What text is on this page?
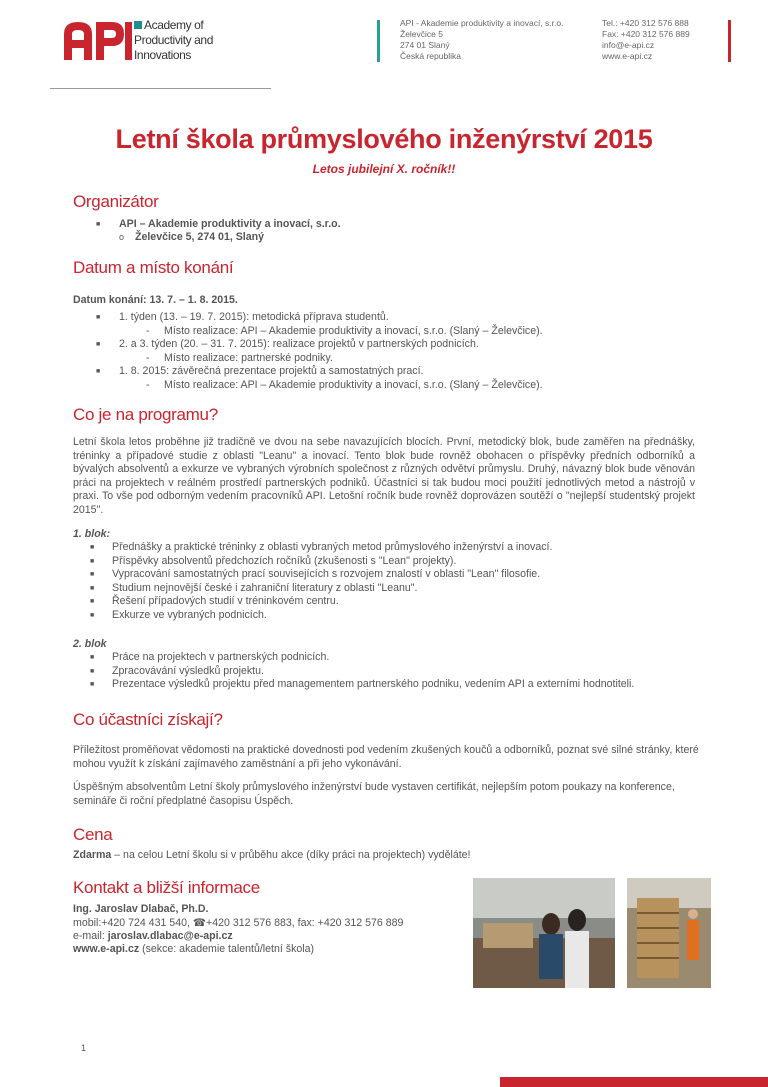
Academy of
Productivity and
Innovations
API - Akademie produktivity a inovací, s.r.o.
Želevčice 5
274 01 Slaný
Česká republika
Tel.: +420 312 576 888
Fax: +420 312 576 889
info@e-api.cz
www.e-api.cz
Letní škola průmyslového inženýrství 2015
Letos jubilejní X. ročník!!
Organizátor
■ API – Akademie produktivity a inovací, s.r.o.
o Želevčice 5, 274 01, Slaný
Datum a místo konání
Datum konání: 13. 7. – 1. 8. 2015.
■ 1. týden (13. – 19. 7. 2015): metodická příprava studentů.
- Místo realizace: API – Akademie produktivity a inovací, s.r.o. (Slaný – Želevčice).
■ 2. a 3. týden (20. – 31. 7. 2015): realizace projektů v partnerských podnicích.
- Místo realizace: partnerské podniky.
■ 1. 8. 2015: závěrečná prezentace projektů a samostatných prací.
- Místo realizace: API – Akademie produktivity a inovací, s.r.o. (Slaný – Želevčice).
Co je na programu?

Letní škola letos proběhne již tradičně ve dvou na sebe navazujících blocích. První, metodický blok, bude zaměřen na přednášky, tréninky a případové studie z oblasti "Leanu" a inovací. Tento blok bude rovněž obohacen o příspěvky předních odborníků a bývalých absolventů a exkurze ve vybraných výrobních společnost z různých odvětví průmyslu. Druhý, návazný blok bude věnován práci na projektech v reálném prostředí partnerských podniků. Účastníci si tak budou moci použití jednotlivých metod a nástrojů v praxi. To vše pod odborným vedením pracovníků API. Letošní ročník bude rovněž doprovázen soutěží o "nejlepší studentský projekt 2015".

1. blok:
■ Přednášky a praktické tréninky z oblasti vybraných metod průmyslového inženýrství a inovací.
■ Příspěvky absolventů předchozích ročníků (zkušenosti s "Lean" projekty).
■ Vypracování samostatných prací souvisejících s rozvojem znalostí v oblasti "Lean" filosofie.
■ Studium nejnovější české i zahraniční literatury z oblasti "Leanu".
■ Řešení případových studií v tréninkovém centru.
■ Exkurze ve vybraných podnicích.
2. blok
■ Práce na projektech v partnerských podnicích.
■ Zpracovávání výsledků projektu.
■ Prezentace výsledků projektu před managementem partnerského podniku, vedením API a externími hodnotiteli.
Co účastníci získají?

Příležitost proměňovat vědomosti na praktické dovednosti pod vedením zkušených koučů a odborníků, poznat své silné stránky, které mohou využít k získání zajímavého zaměstnání a při jeho vykonávání.

Úspěšným absolventům Letní školy průmyslového inženýrství bude vystaven certifikát, nejlepším potom poukazy na konference, semináře či roční předplatné časopisu Úspěch.

Cena
Zdarma – na celou Letní školu si v průběhu akce (díky práci na projektech) vyděláte!
Kontakt a bližší informace
Ing. Jaroslav Dlabač, Ph.D.
mobil:+420 724 431 540, ☎+420 312 576 883, fax: +420 312 576 889
e-mail: jaroslav.dlabac@e-api.cz
www.e-api.cz (sekce: akademie talentů/letní škola)
1
